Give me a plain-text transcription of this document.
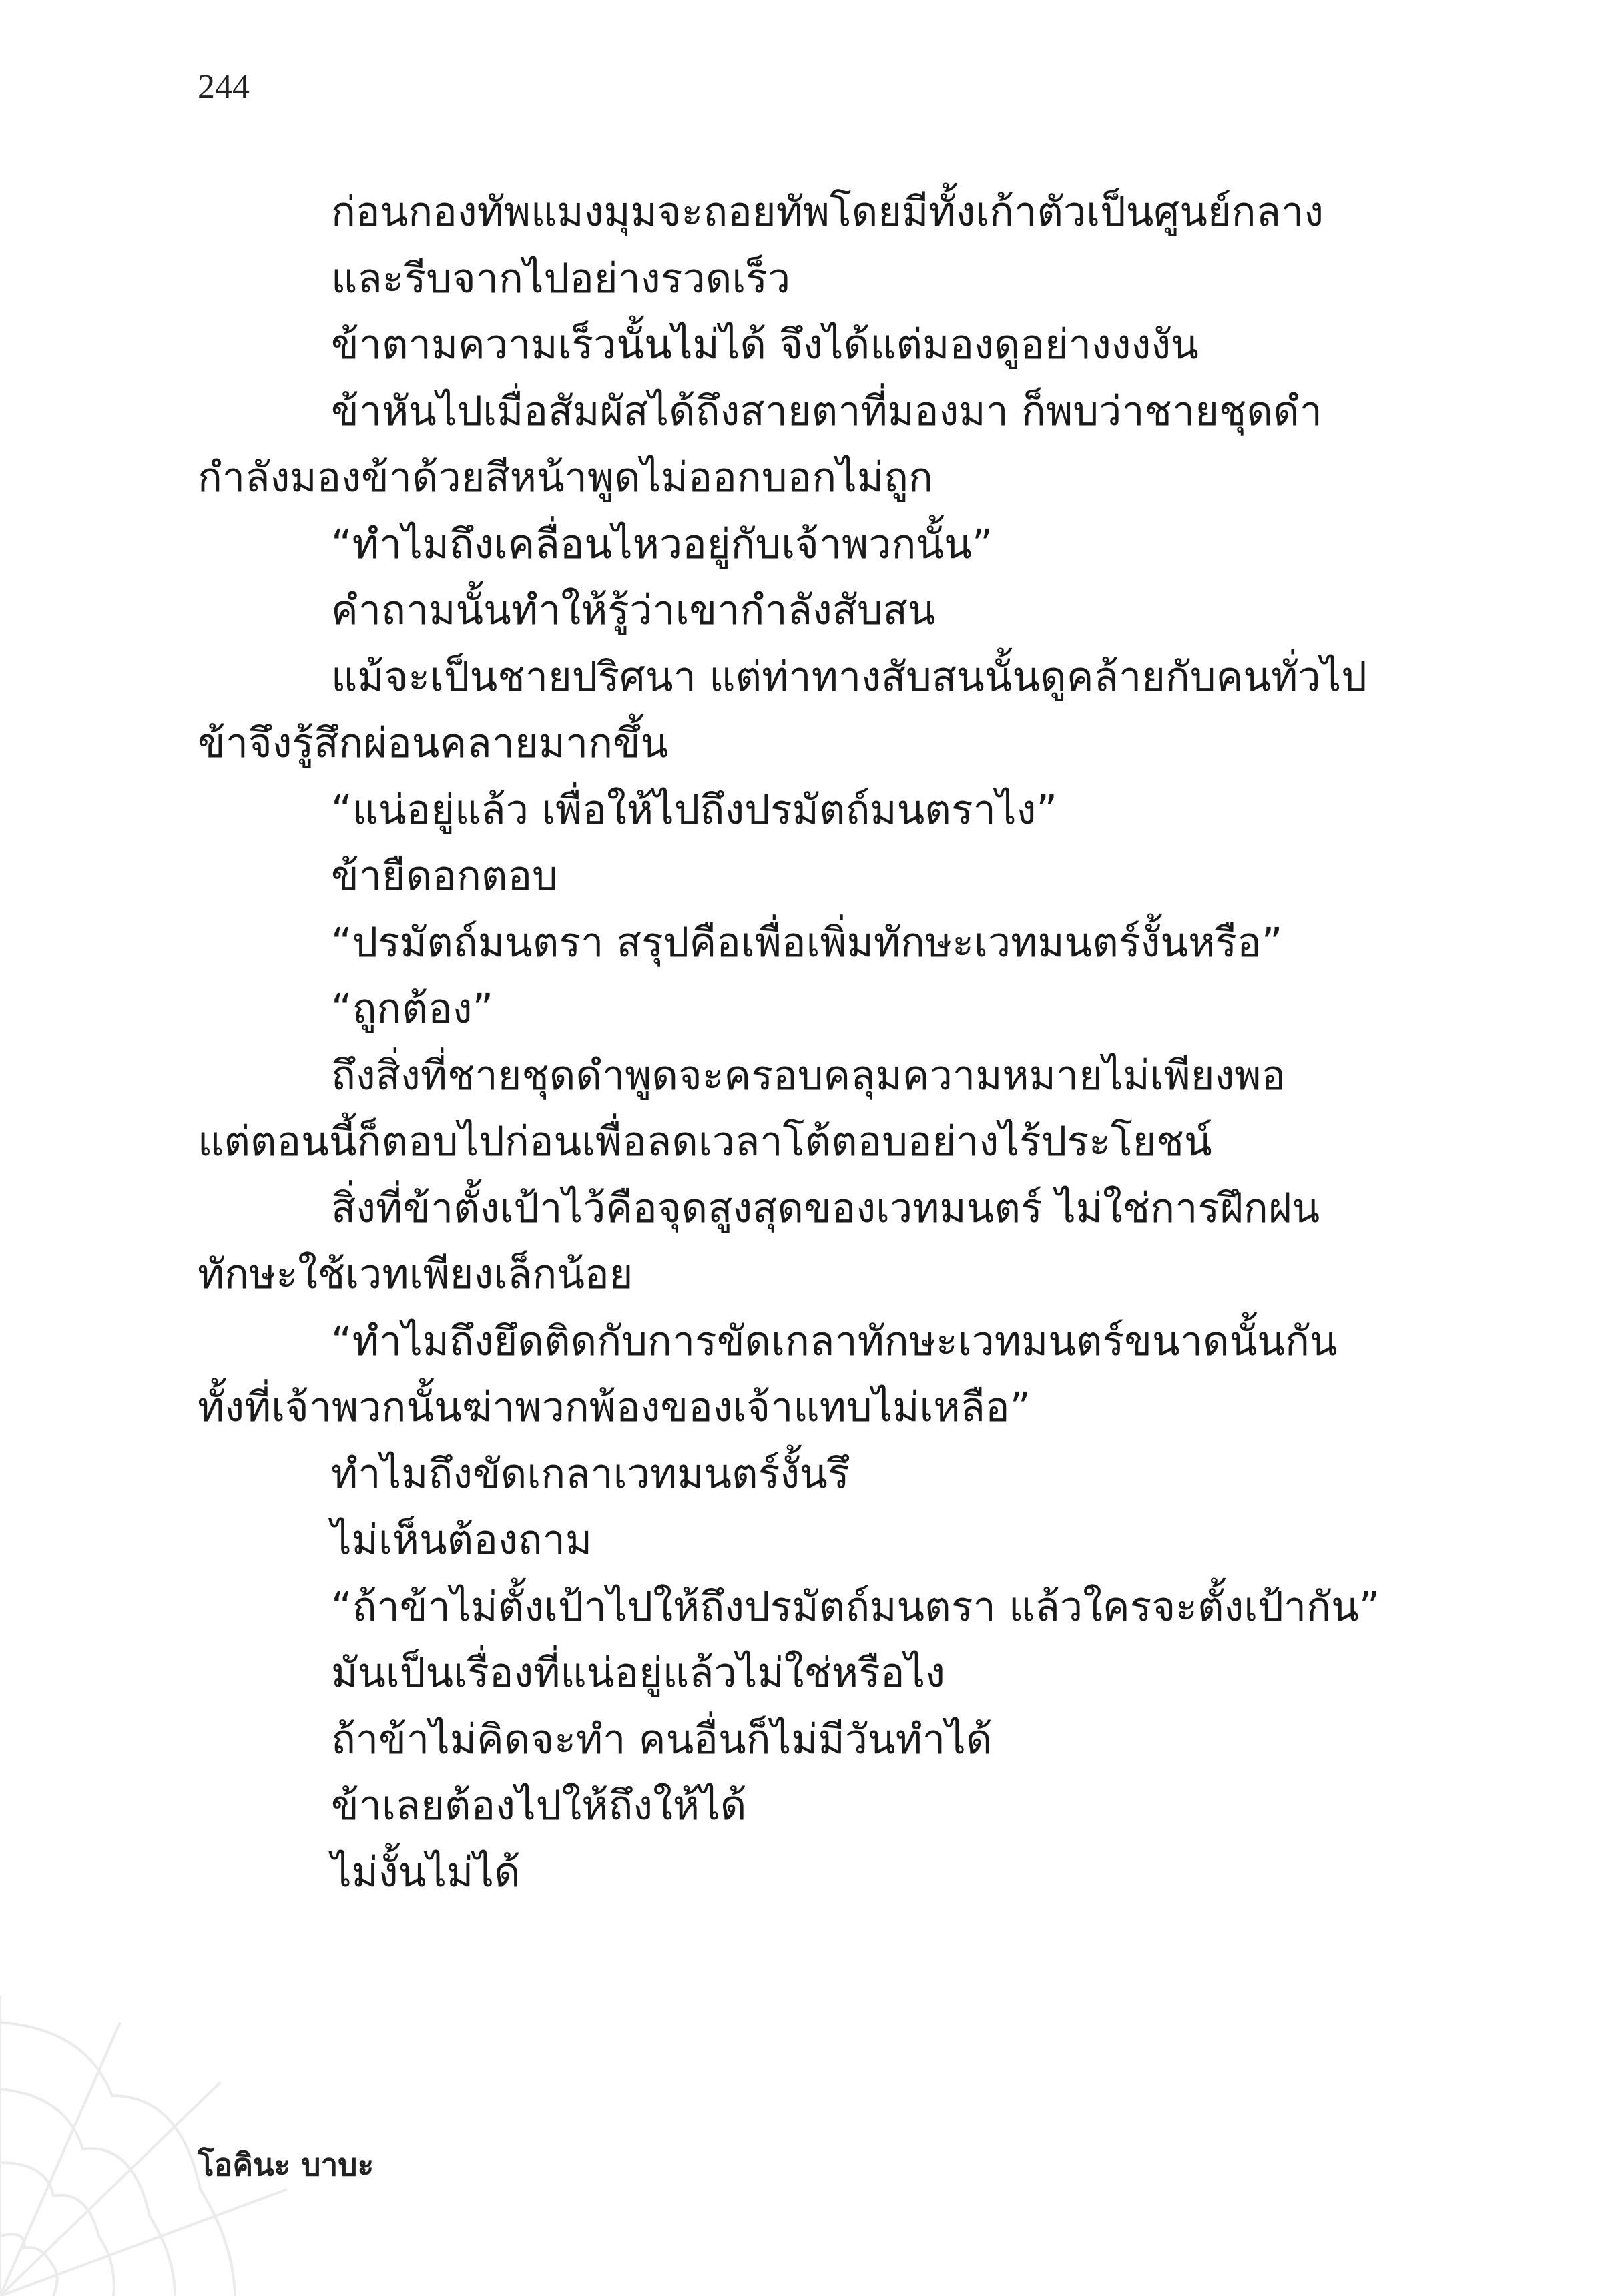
244
ก่อนกองทัพแมงมุมจะถอยทัพโดยมีทั้งเก้าตัวเป็นศูนย์กลาง
และรีบจากไปอย่างรวดเร็ว
ข้าตามความเร็วนั้นไม่ได้ จึงได้แต่มองดูอย่างงงงัน
ข้าหันไปเมื่อสัมผัสได้ถึงสายตาที่มองมา ก็พบว่าชายชุดดำ
กำลังมองข้าด้วยสีหน้าพูดไม่ออกบอกไม่ถูก
“ทำไมถึงเคลื่อนไหวอยู่กับเจ้าพวกนั้น”
คำถามนั้นทำให้รู้ว่าเขากำลังสับสน
แม้จะเป็นชายปริศนา แต่ท่าทางสับสนนั้นดูคล้ายกับคนทั่วไป
ข้าจึงรู้สึกผ่อนคลายมากขึ้น
“แน่อยู่แล้ว เพื่อให้ไปถึงปรมัตถ์มนตราไง”
ข้ายืดอกตอบ
“ปรมัตถ์มนตรา สรุปคือเพื่อเพิ่มทักษะเวทมนตร์งั้นหรือ”
“ถูกต้อง”
ถึงสิ่งที่ชายชุดดำพูดจะครอบคลุมความหมายไม่เพียงพอ
แต่ตอนนี้ก็ตอบไปก่อนเพื่อลดเวลาโต้ตอบอย่างไร้ประโยชน์
สิ่งที่ข้าตั้งเป้าไว้คือจุดสูงสุดของเวทมนตร์ ไม่ใช่การฝึกฝน
ทักษะใช้เวทเพียงเล็กน้อย
“ทำไมถึงยึดติดกับการขัดเกลาทักษะเวทมนตร์ขนาดนั้นกัน
ทั้งที่เจ้าพวกนั้นฆ่าพวกพ้องของเจ้าแทบไม่เหลือ”
ทำไมถึงขัดเกลาเวทมนตร์งั้นรึ
ไม่เห็นต้องถาม
“ถ้าข้าไม่ตั้งเป้าไปให้ถึงปรมัตถ์มนตรา แล้วใครจะตั้งเป้ากัน”
มันเป็นเรื่องที่แน่อยู่แล้วไม่ใช่หรือไง
ถ้าข้าไม่คิดจะทำ คนอื่นก็ไม่มีวันทำได้
ข้าเลยต้องไปให้ถึงให้ได้
ไม่งั้นไม่ได้
โอคินะ บาบะ
